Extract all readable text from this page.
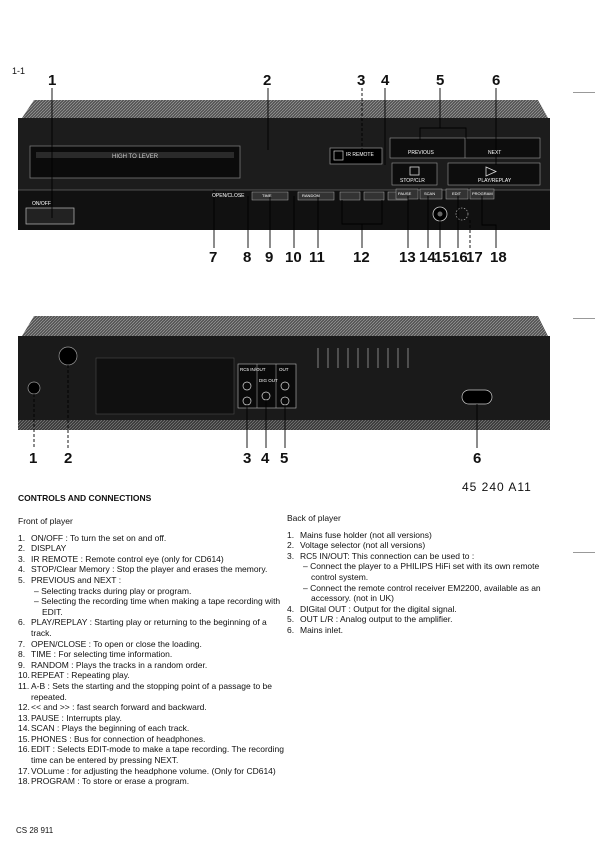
1-1
HIGH TO LEVER	IR REMOTE	PREVIOUS	NEXT
STOP/CLR	PLAY/REPLAY
ON/OFF
OPEN/CLOSE	TIME	RANDOM	PAUSE	SCAN	EDIT	PROGRAM
1	2	3 4	5	6
7 8 9 10 11 12 13 14
15 16
17 18
1 2	3 4 5	6
RC5 IN/OUT
DIG OUT
OUT
45 240 A11
CONTROLS AND CONNECTIONS
Front of player
1. ON/OFF : To turn the set on and off.
2. DISPLAY
3. IR REMOTE : Remote control eye (only for CD614)
4. STOP/Clear Memory : Stop the player and erases the memory.
5. PREVIOUS and NEXT :
– Selecting tracks during play or program.
– Selecting the recording time when making a tape recording with EDIT.
6. PLAY/REPLAY : Starting play or returning to the beginning of a track.
7. OPEN/CLOSE : To open or close the loading.
8. TIME : For selecting time information.
9. RANDOM : Plays the tracks in a random order.
10. REPEAT : Repeating play.
11. A-B : Sets the starting and the stopping point of a passage to be repeated.
12. << and >> : fast search forward and backward.
13. PAUSE : Interrupts play.
14. SCAN : Plays the beginning of each track.
15. PHONES : Bus for connection of headphones.
16. EDIT : Selects EDIT-mode to make a tape recording. The recording time can be entered by pressing NEXT.
17. VOLume : for adjusting the headphone volume. (Only for CD614)
18. PROGRAM : To store or erase a program.
Back of player
1. Mains fuse holder (not all versions)
2. Voltage selector (not all versions)
3. RC5 IN/OUT: This connection can be used to :
– Connect the player to a PHILIPS HiFi set with its own remote control system.
– Connect the remote control receiver EM2200, available as an accessory. (not in UK)
4. DIGital OUT : Output for the digital signal.
5. OUT L/R : Analog output to the amplifier.
6. Mains inlet.
CS 28 911
